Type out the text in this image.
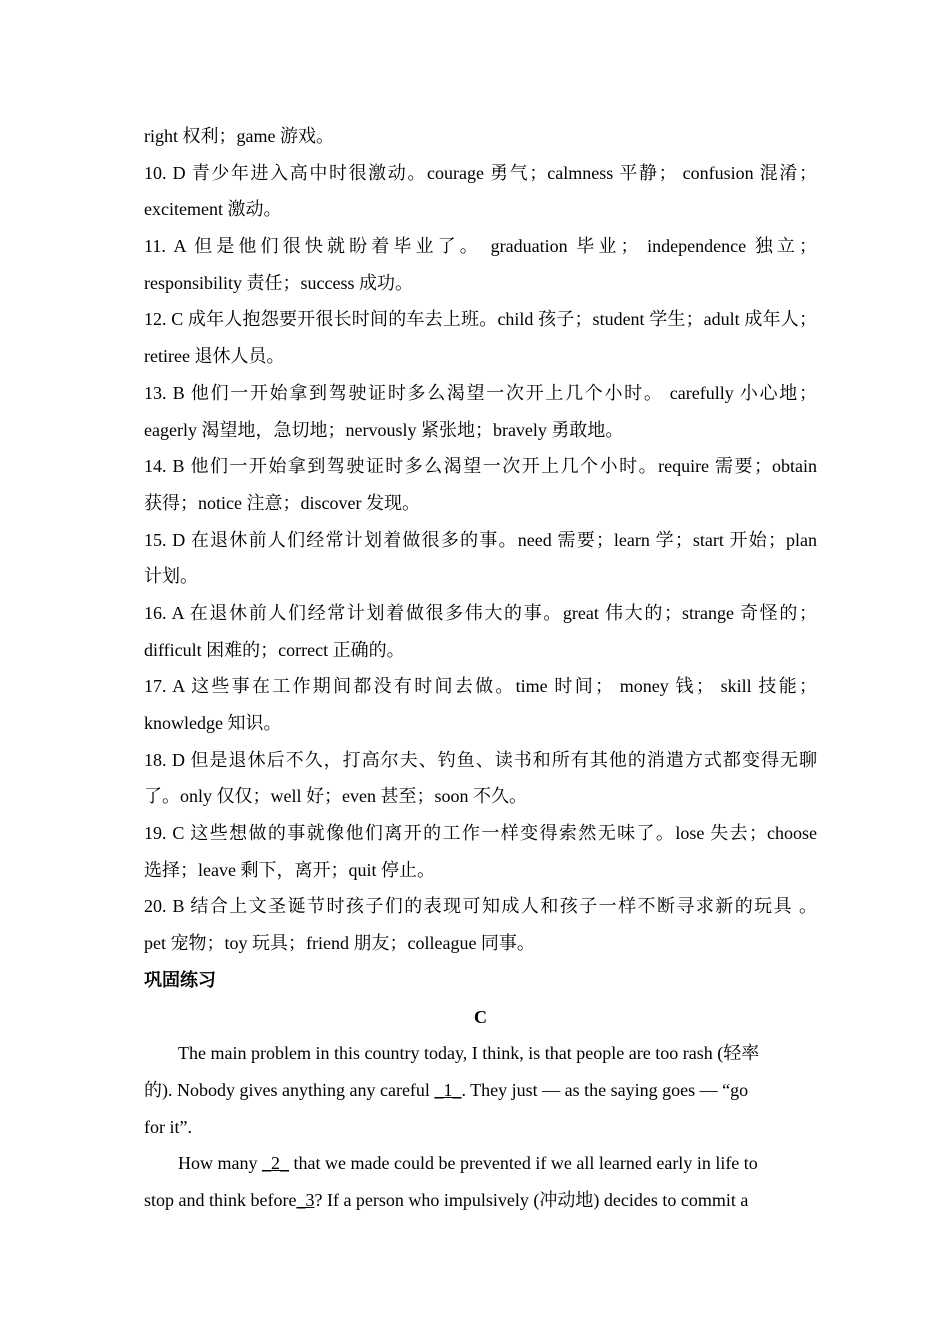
right 权利；game 游戏。
10. D 青少年进入高中时很激动。courage 勇气；calmness 平静； confusion 混淆；
excitement 激动。
11. A 但是他们很快就盼着毕业了。 graduation 毕业； independence 独立；
responsibility 责任；success 成功。
12. C 成年人抱怨要开很长时间的车去上班。child 孩子；student 学生；adult 成年人；
retiree 退休人员。
13. B 他们一开始拿到驾驶证时多么渴望一次开上几个小时。 carefully 小心地；
eagerly 渴望地，急切地；nervously 紧张地；bravely 勇敢地。
14. B 他们一开始拿到驾驶证时多么渴望一次开上几个小时。require 需要；obtain
获得；notice 注意；discover 发现。
15. D 在退休前人们经常计划着做很多的事。need 需要；learn 学；start 开始；plan
计划。
16. A 在退休前人们经常计划着做很多伟大的事。great 伟大的；strange 奇怪的；
difficult 困难的；correct 正确的。
17. A 这些事在工作期间都没有时间去做。time 时间； money 钱； skill 技能；
knowledge 知识。
18. D 但是退休后不久，打高尔夫、钓鱼、读书和所有其他的消遣方式都变得无聊
了。only 仅仅；well 好；even 甚至；soon 不久。
19. C 这些想做的事就像他们离开的工作一样变得索然无味了。lose 失去；choose
选择；leave 剩下，离开；quit 停止。
20. B 结合上文圣诞节时孩子们的表现可知成人和孩子一样不断寻求新的玩具 。
pet 宠物；toy 玩具；friend 朋友；colleague 同事。
巩固练习
C
The main problem in this country today, I think, is that people are too rash (轻率
的). Nobody gives anything any careful _1_. They just — as the saying goes — “go
for it”.
How many _2_ that we made could be prevented if we all learned early in life to
stop and think before_3? If a person who impulsively (冲动地) decides to commit a
